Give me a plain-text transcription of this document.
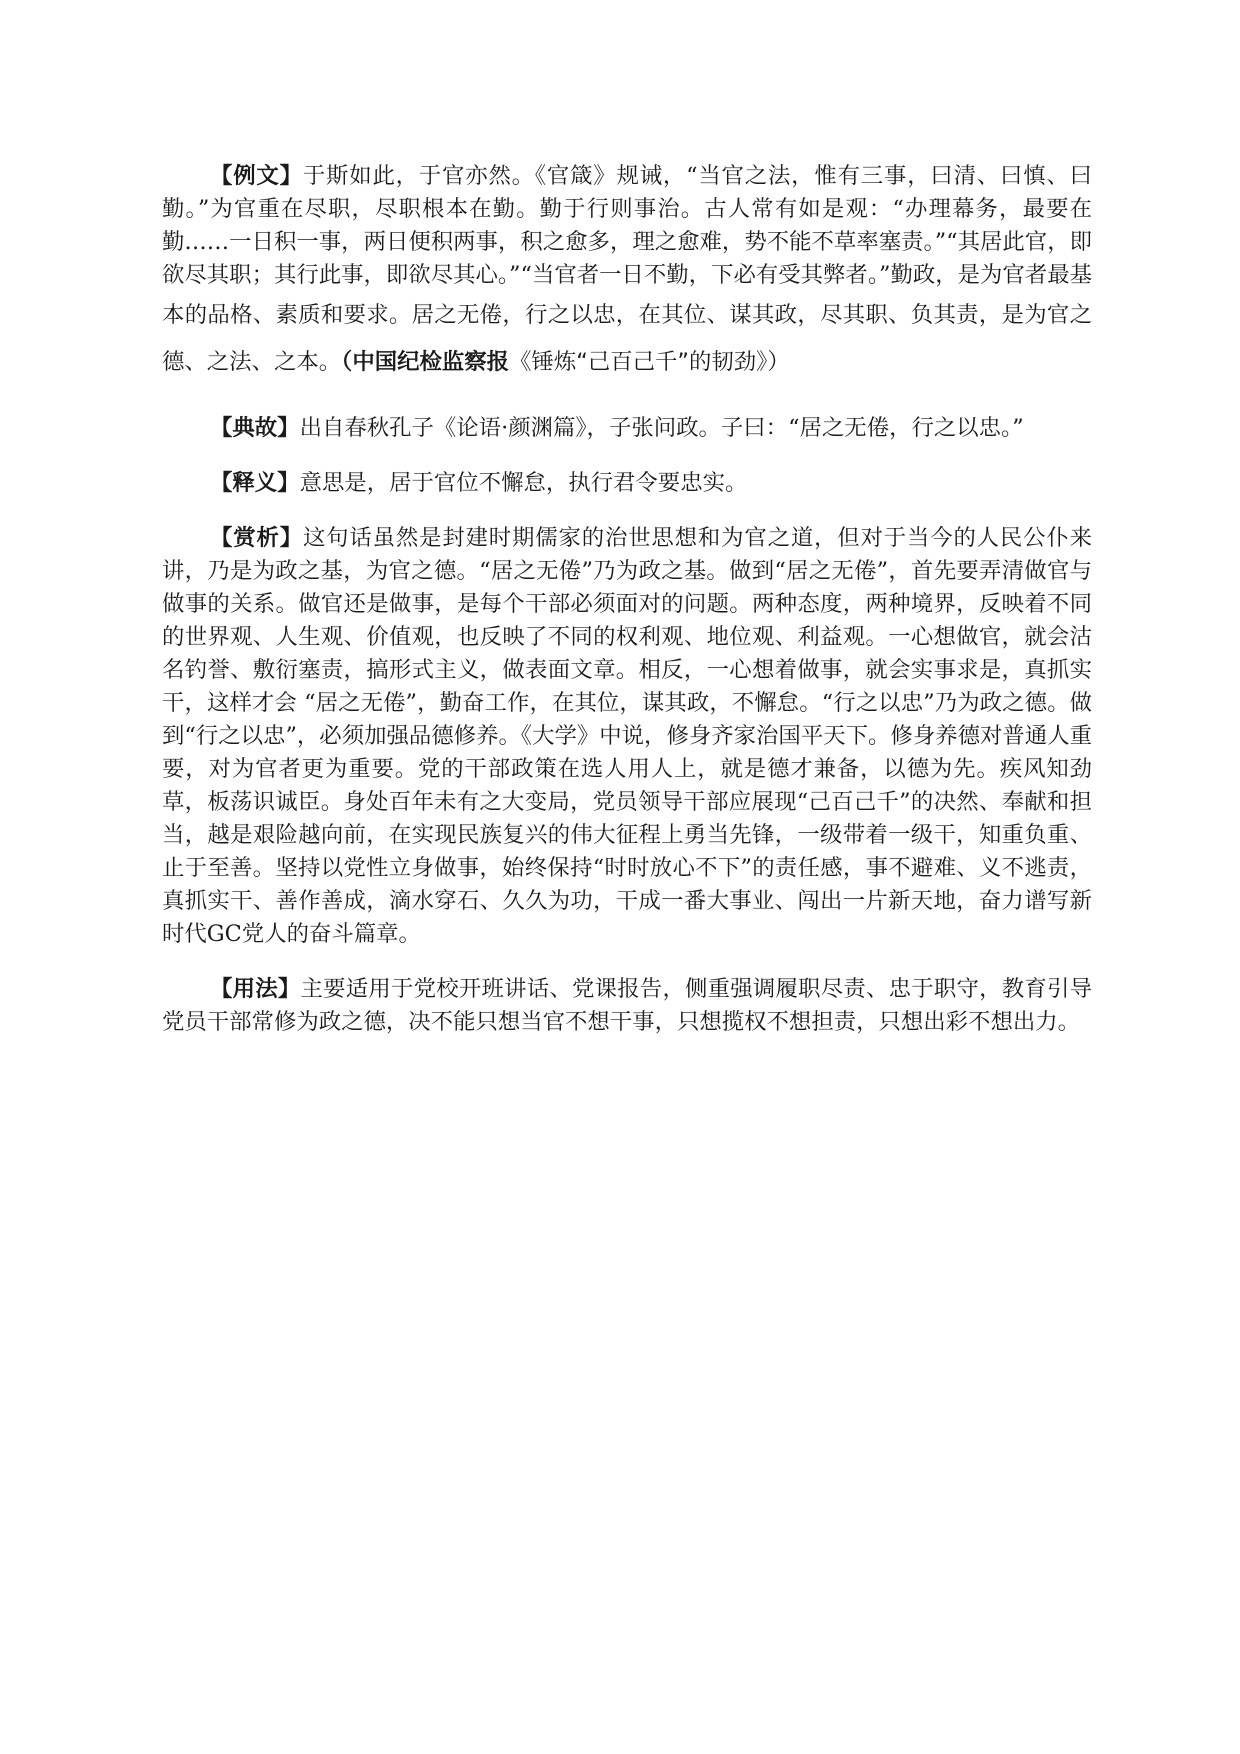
【例文】于斯如此，于官亦然。《官箴》规诫，“当官之法，惟有三事，曰清、曰慎、曰勤。”为官重在尽职，尽职根本在勤。勤于行则事治。古人常有如是观：“办理幕务，最要在勤……一日积一事，两日便积两事，积之愈多，理之愈难，势不能不草率塞责。”“其居此官，即欲尽其职；其行此事，即欲尽其心。”“当官者一日不勤，下必有受其弊者。”勤政，是为官者最基本的品格、素质和要求。居之无倦，行之以忠，在其位、谋其政，尽其职、负其责，是为官之德、之法、之本。（中国纪检监察报《锤炼“己百己千”的韧劲》）

【典故】出自春秋孔子《论语·颜渊篇》，子张问政。子曰：“居之无倦，行之以忠。”

【释义】意思是，居于官位不懈怠，执行君令要忠实。

【赏析】这句话虽然是封建时期儒家的治世思想和为官之道，但对于当今的人民公仆来讲，乃是为政之基，为官之德。“居之无倦”乃为政之基。做到“居之无倦”，首先要弄清做官与做事的关系。做官还是做事，是每个干部必须面对的问题。两种态度，两种境界，反映着不同的世界观、人生观、价值观，也反映了不同的权利观、地位观、利益观。一心想做官，就会沽名钓誉、敷衍塞责，搞形式主义，做表面文章。相反，一心想着做事，就会实事求是，真抓实干，这样才会 “居之无倦”，勤奋工作，在其位，谋其政，不懈怠。“行之以忠”乃为政之德。做到“行之以忠”，必须加强品德修养。《大学》中说，修身齐家治国平天下。修身养德对普通人重要，对为官者更为重要。党的干部政策在选人用人上，就是德才兼备，以德为先。疾风知劲草，板荡识诚臣。身处百年未有之大变局，党员领导干部应展现“己百己千”的决然、奉献和担当，越是艰险越向前，在实现民族复兴的伟大征程上勇当先锋，一级带着一级干，知重负重、止于至善。坚持以党性立身做事，始终保持“时时放心不下”的责任感，事不避难、义不逃责，真抓实干、善作善成，滴水穿石、久久为功，干成一番大事业、闯出一片新天地，奋力谱写新时代GC党人的奋斗篇章。

【用法】主要适用于党校开班讲话、党课报告，侧重强调履职尽责、忠于职守，教育引导党员干部常修为政之德，决不能只想当官不想干事，只想揽权不想担责，只想出彩不想出力。
